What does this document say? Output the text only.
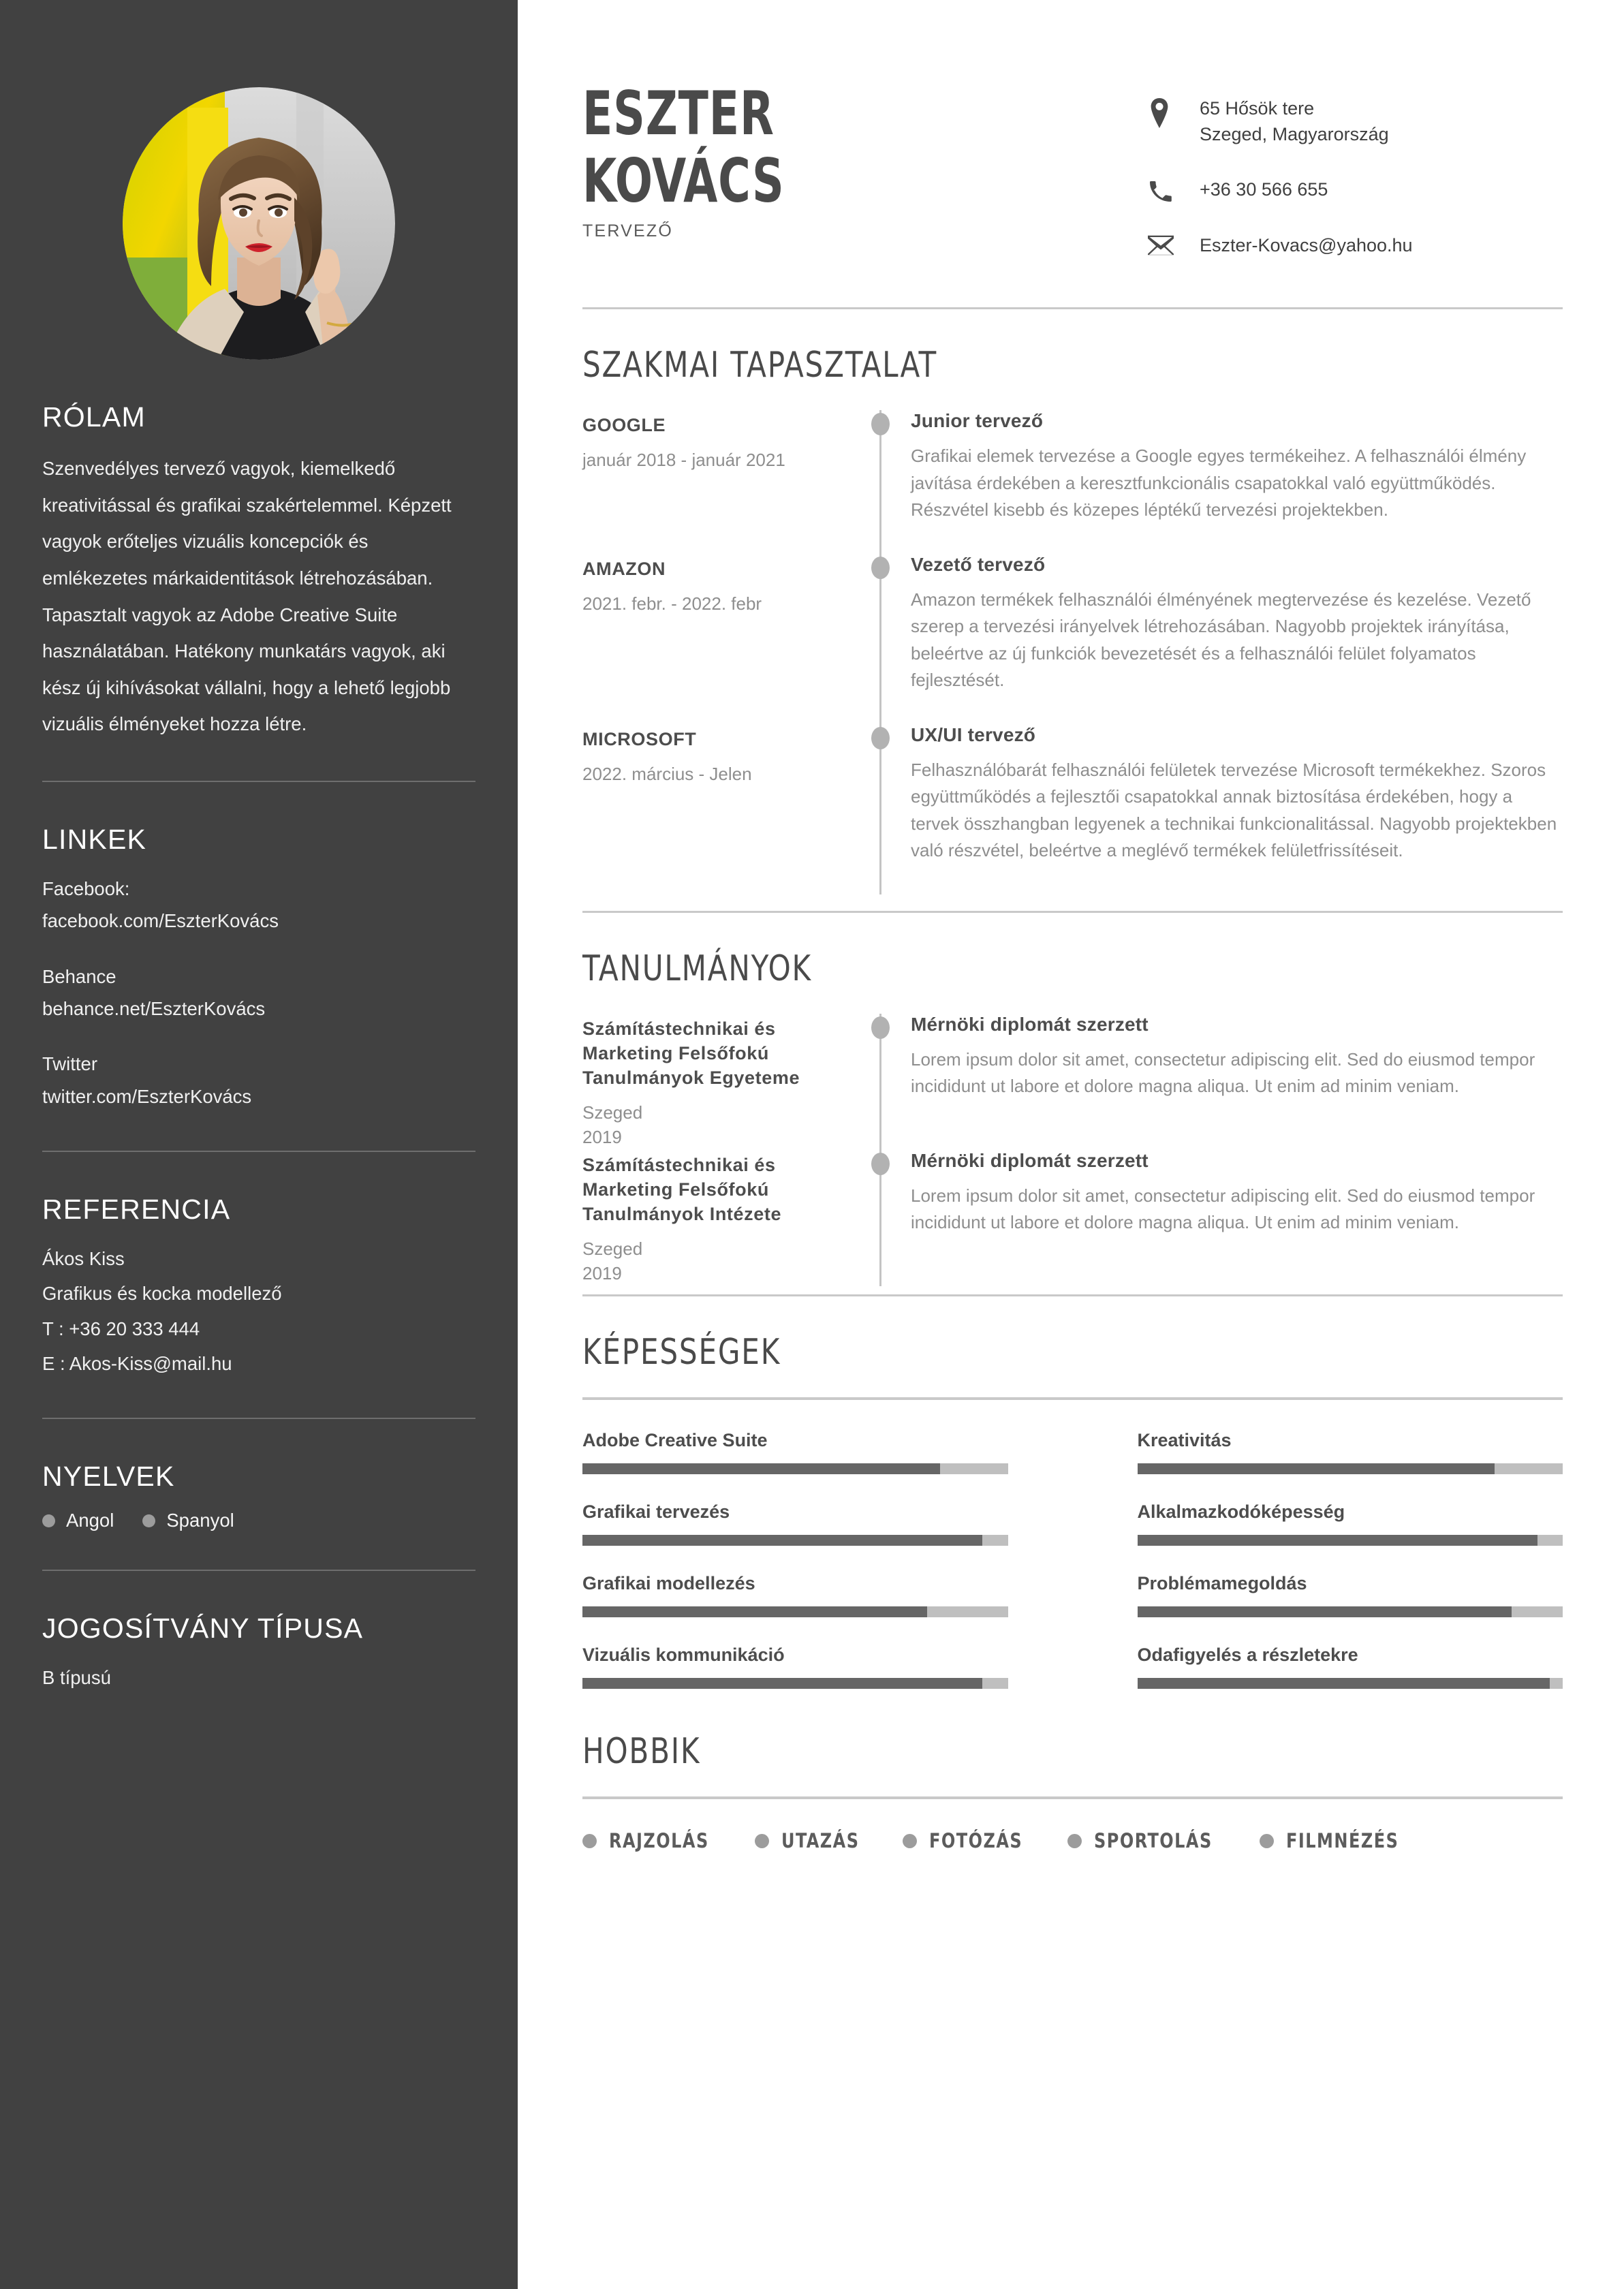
RÓLAM

Szenvedélyes tervező vagyok, kiemelkedő kreativitással és grafikai szakértelemmel. Képzett vagyok erőteljes vizuális koncepciók és emlékezetes márkaidentitások létrehozásában. Tapasztalt vagyok az Adobe Creative Suite használatában. Hatékony munkatárs vagyok, aki kész új kihívásokat vállalni, hogy a lehető legjobb vizuális élményeket hozza létre.

LINKEK
Facebook:
facebook.com/EszterKovács
Behance
behance.net/EszterKovács
Twitter
twitter.com/EszterKovács
REFERENCIA
Ákos Kiss
Grafikus és kocka modellező
T : +36 20 333 444
E : Akos-Kiss@mail.hu
NYELVEK
Angol	Spanyol
JOGOSÍTVÁNY TÍPUSA
B típusú
ESZTER
KOVÁCS
TERVEZŐ
65 Hősök tere
Szeged, Magyarország
+36 30 566 655
Eszter-Kovacs@yahoo.hu
SZAKMAI TAPASZTALAT
GOOGLE
január 2018 - január 2021
Junior tervező
Grafikai elemek tervezése a Google egyes termékeihez. A felhasználói élmény javítása érdekében a keresztfunkcionális csapatokkal való együttműködés. Részvétel kisebb és közepes léptékű tervezési projektekben.
AMAZON
2021. febr. - 2022. febr
Vezető tervező
Amazon termékek felhasználói élményének megtervezése és kezelése. Vezető szerep a tervezési irányelvek létrehozásában. Nagyobb projektek irányítása, beleértve az új funkciók bevezetését és a felhasználói felület folyamatos fejlesztését.
MICROSOFT
2022. március - Jelen
UX/UI tervező
Felhasználóbarát felhasználói felületek tervezése Microsoft termékekhez. Szoros együttműködés a fejlesztői csapatokkal annak biztosítása érdekében, hogy a tervek összhangban legyenek a technikai funkcionalitással. Nagyobb projektekben való részvétel, beleértve a meglévő termékek felületfrissítéseit.
TANULMÁNYOK
Számítástechnikai és Marketing Felsőfokú Tanulmányok Egyeteme
Szeged
2019
Mérnöki diplomát szerzett
Lorem ipsum dolor sit amet, consectetur adipiscing elit. Sed do eiusmod tempor incididunt ut labore et dolore magna aliqua. Ut enim ad minim veniam.
Számítástechnikai és Marketing Felsőfokú Tanulmányok Intézete
Szeged
2019
Mérnöki diplomát szerzett
Lorem ipsum dolor sit amet, consectetur adipiscing elit. Sed do eiusmod tempor incididunt ut labore et dolore magna aliqua. Ut enim ad minim veniam.
KÉPESSÉGEK
Adobe Creative Suite	Kreativitás
Grafikai tervezés	Alkalmazkodóképesség
Grafikai modellezés	Problémamegoldás
Vizuális kommunikáció	Odafigyelés a részletekre
HOBBIK
RAJZOLÁS	UTAZÁS	FOTÓZÁS	SPORTOLÁS	FILMNÉZÉS
